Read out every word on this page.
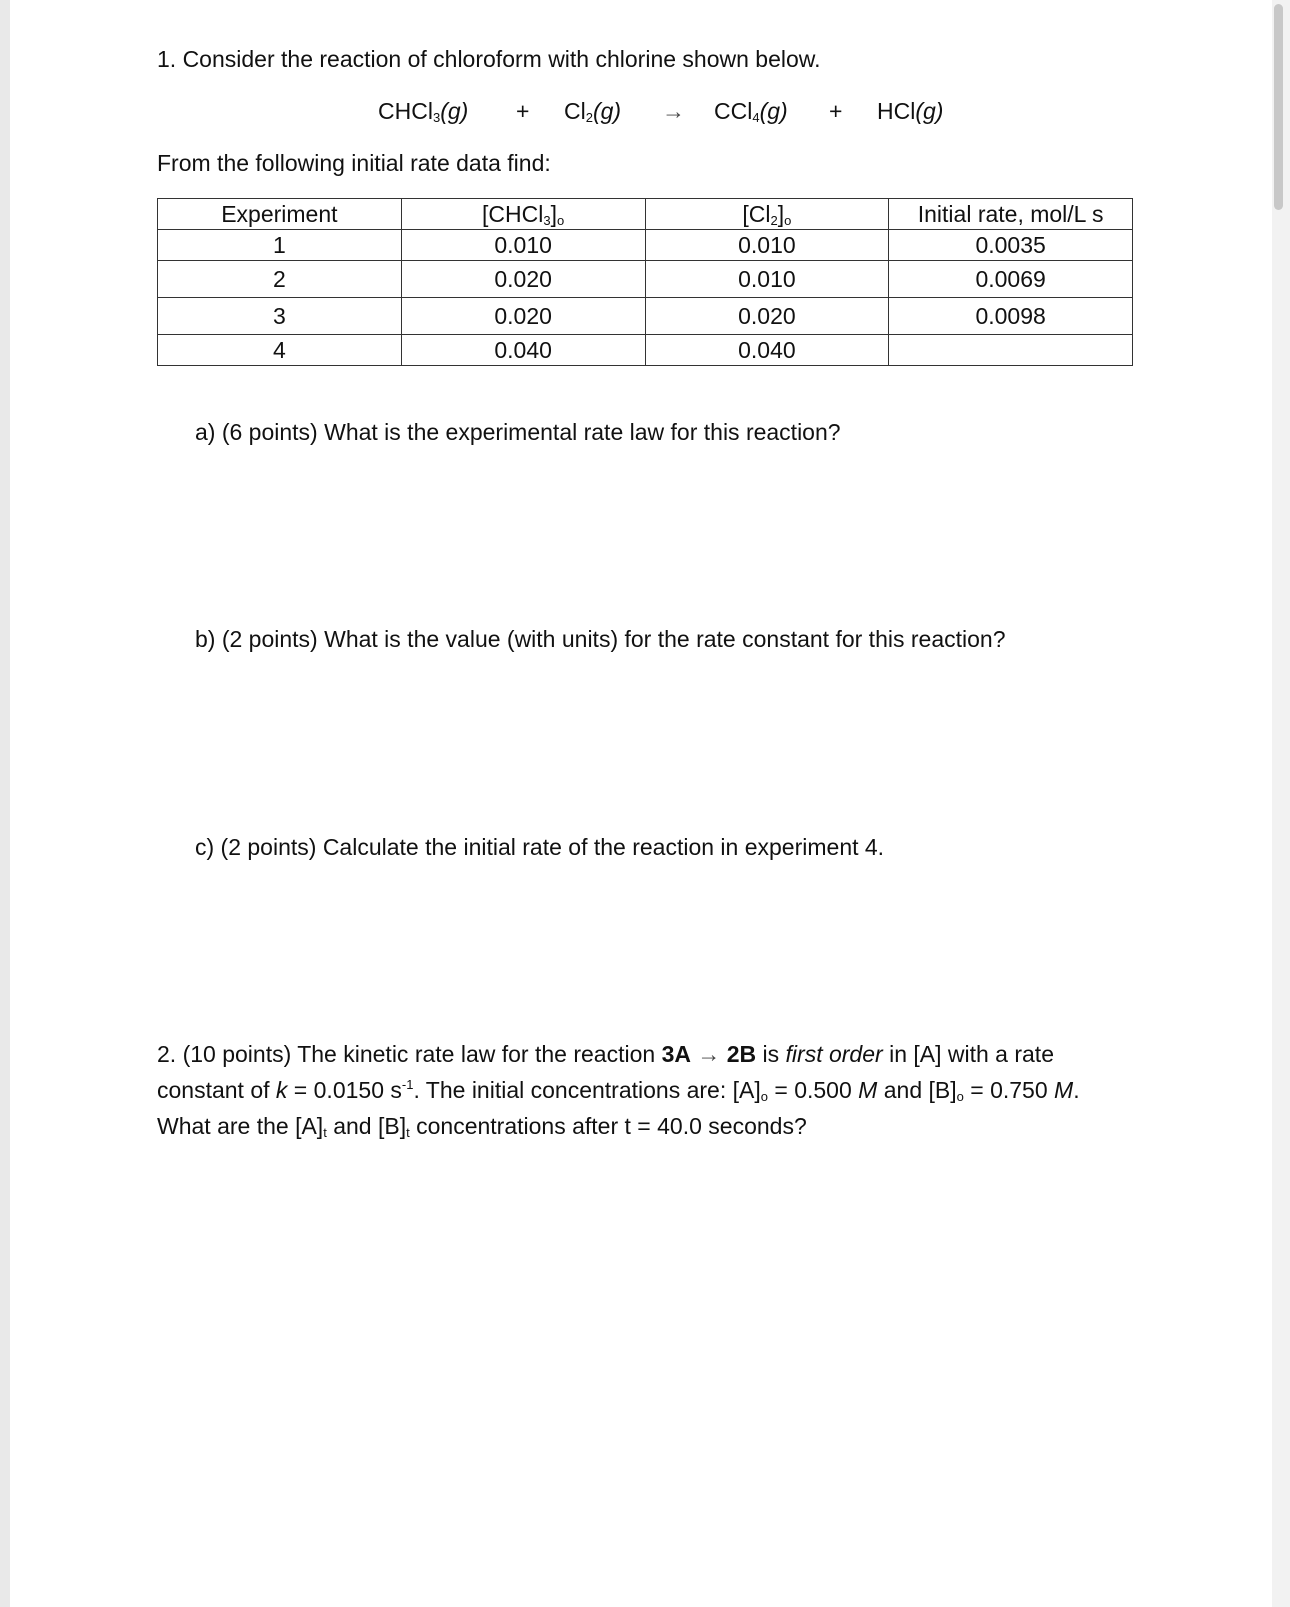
1. Consider the reaction of chloroform with chlorine shown below.
CHCl$_3$(g) + $Cl_2(g) \to CCl_4(g) + HCl(g)$
From the following initial rate data find:
Experiment	$[CHCl_3]_o$	$[Cl_2]_o$	Initial rate, mol/L s
1	0.010	0.010	0.0035
2	0.020	0.010	0.0069
3	0.020	0.020	0.0098
4	0.040	0.040	
a) (6 points) What is the experimental rate law for this reaction?
b) (2 points) What is the value (with units) for the rate constant for this reaction?
c) (2 points) Calculate the initial rate of the reaction in experiment 4.
2. (10 points) The kinetic rate law for the reaction 3A → 2B is first order in [A] with a rate constant of k = 0.0150 $s^{-1}$. The initial concentrations are: $[A]_o = 0.500$ M and $[B]_o = 0.750$ M. What are the $[A]_t$ and $[B]_t$ concentrations after t = 40.0 seconds?
